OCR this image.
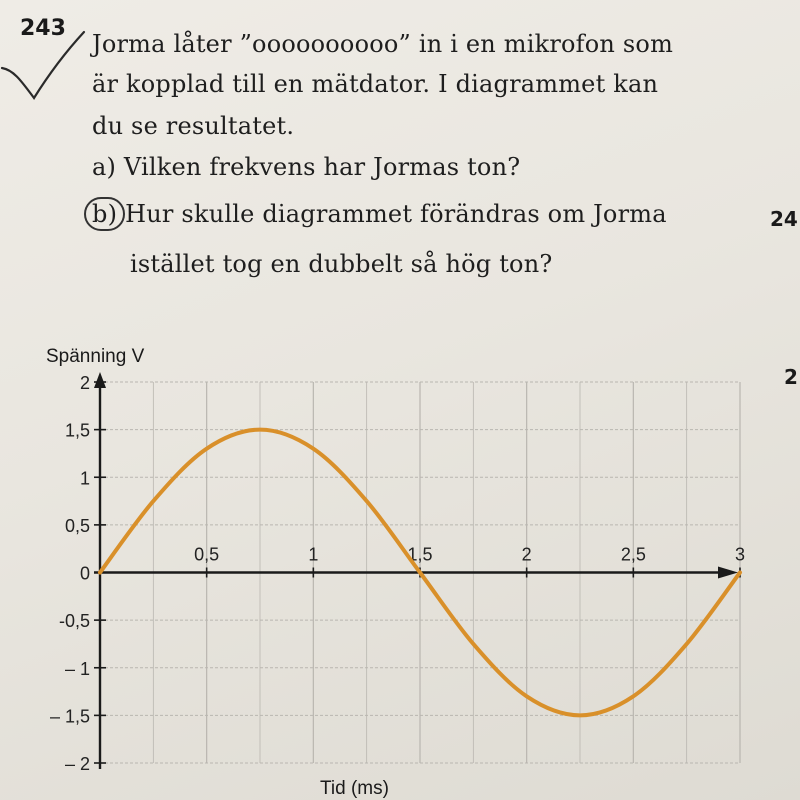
243
Jorma låter ”oooooooooo” in i en mikrofon som
är kopplad till en mätdator. I diagrammet kan
du se resultatet.
a) Vilken frekvens har Jormas ton?
b) Hur skulle diagrammet förändras om Jorma
istället tog en dubbelt så hög ton?
24
2
2
1,5
1
0,5
0
-0,5
– 1
– 1,5
– 2
0,5	1	1,5	2	2,5	3
Spänning V
Tid (ms)
